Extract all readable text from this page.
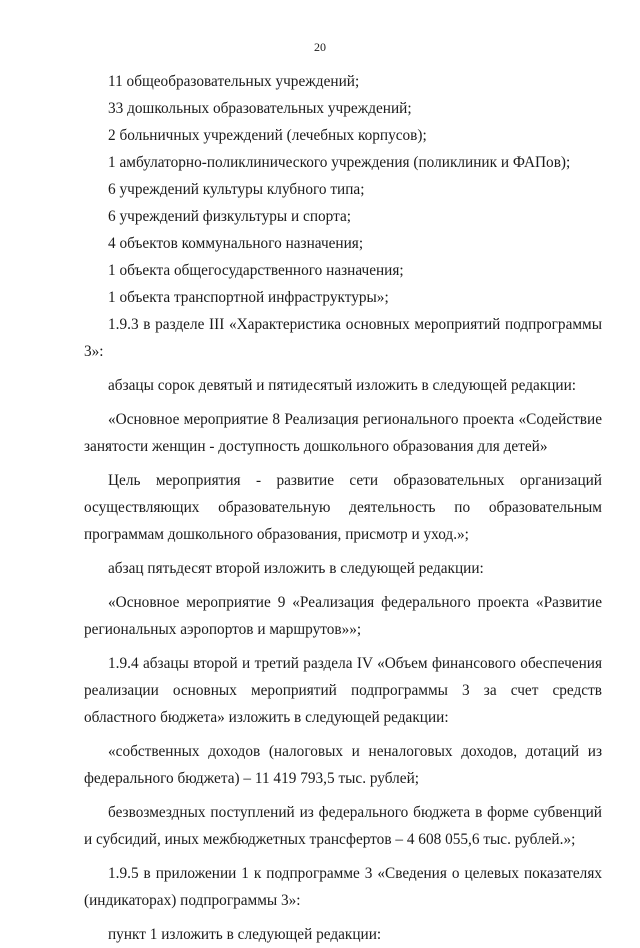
20

11 общеобразовательных учреждений;

33 дошкольных образовательных учреждений;

2 больничных учреждений (лечебных корпусов);

1 амбулаторно-поликлинического учреждения (поликлиник и ФАПов);

6 учреждений культуры клубного типа;

6 учреждений физкультуры и спорта;

4 объектов коммунального назначения;

1 объекта общегосударственного назначения;

1 объекта транспортной инфраструктуры»;

1.9.3 в разделе III «Характеристика основных мероприятий подпрограммы 3»:

абзацы сорок девятый и пятидесятый изложить в следующей редакции:

«Основное мероприятие 8 Реализация регионального проекта «Содействие занятости женщин - доступность дошкольного образования для детей»

Цель мероприятия - развитие сети образовательных организаций осуществляющих образовательную деятельность по образовательным программам дошкольного образования, присмотр и уход.»;

абзац пятьдесят второй изложить в следующей редакции:

«Основное мероприятие 9 «Реализация федерального проекта «Развитие региональных аэропортов и маршрутов»»;

1.9.4 абзацы второй и третий раздела IV «Объем финансового обеспечения реализации основных мероприятий подпрограммы 3 за счет средств областного бюджета» изложить в следующей редакции:

«собственных доходов (налоговых и неналоговых доходов, дотаций из федерального бюджета) – 11 419 793,5 тыс. рублей;

безвозмездных поступлений из федерального бюджета в форме субвенций и субсидий, иных межбюджетных трансфертов – 4 608 055,6 тыс. рублей.»;

1.9.5 в приложении 1 к подпрограмме 3 «Сведения о целевых показателях (индикаторах) подпрограммы 3»:

пункт 1 изложить в следующей редакции:
